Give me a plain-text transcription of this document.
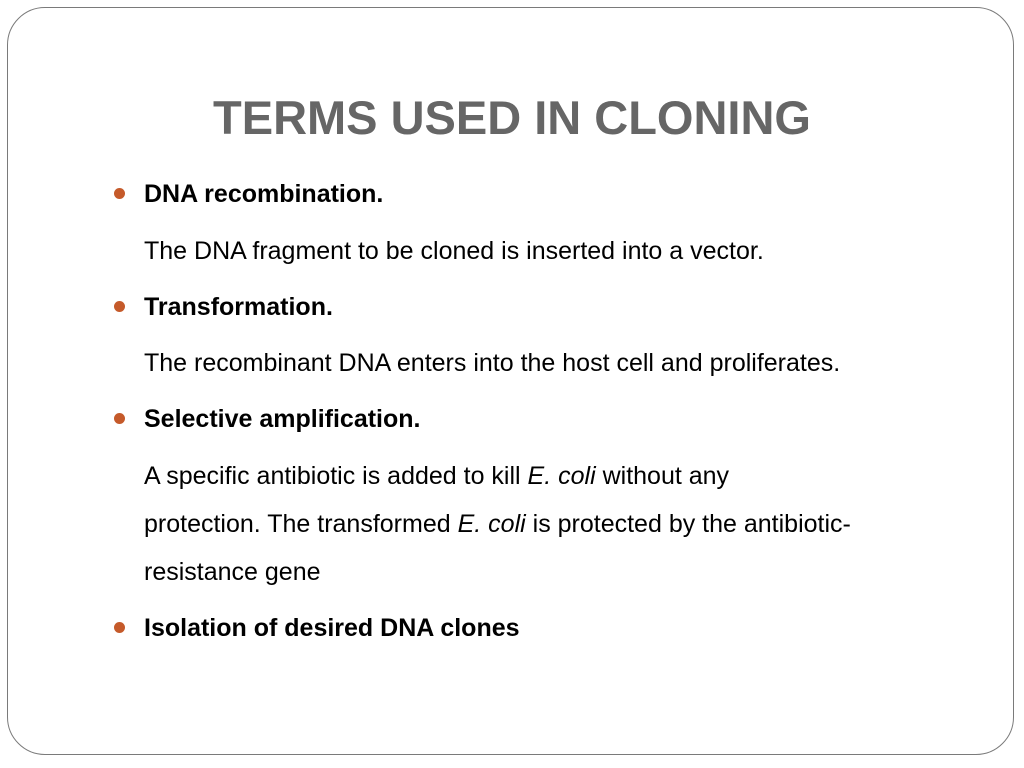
TERMS USED IN CLONING
DNA recombination.
The DNA fragment to be cloned is inserted into a vector.
Transformation.
The recombinant DNA enters into the host cell and proliferates.
Selective amplification.
A specific antibiotic is added to kill E. coli without any
protection. The transformed E. coli is protected by the antibiotic-
resistance gene
Isolation of desired DNA clones
